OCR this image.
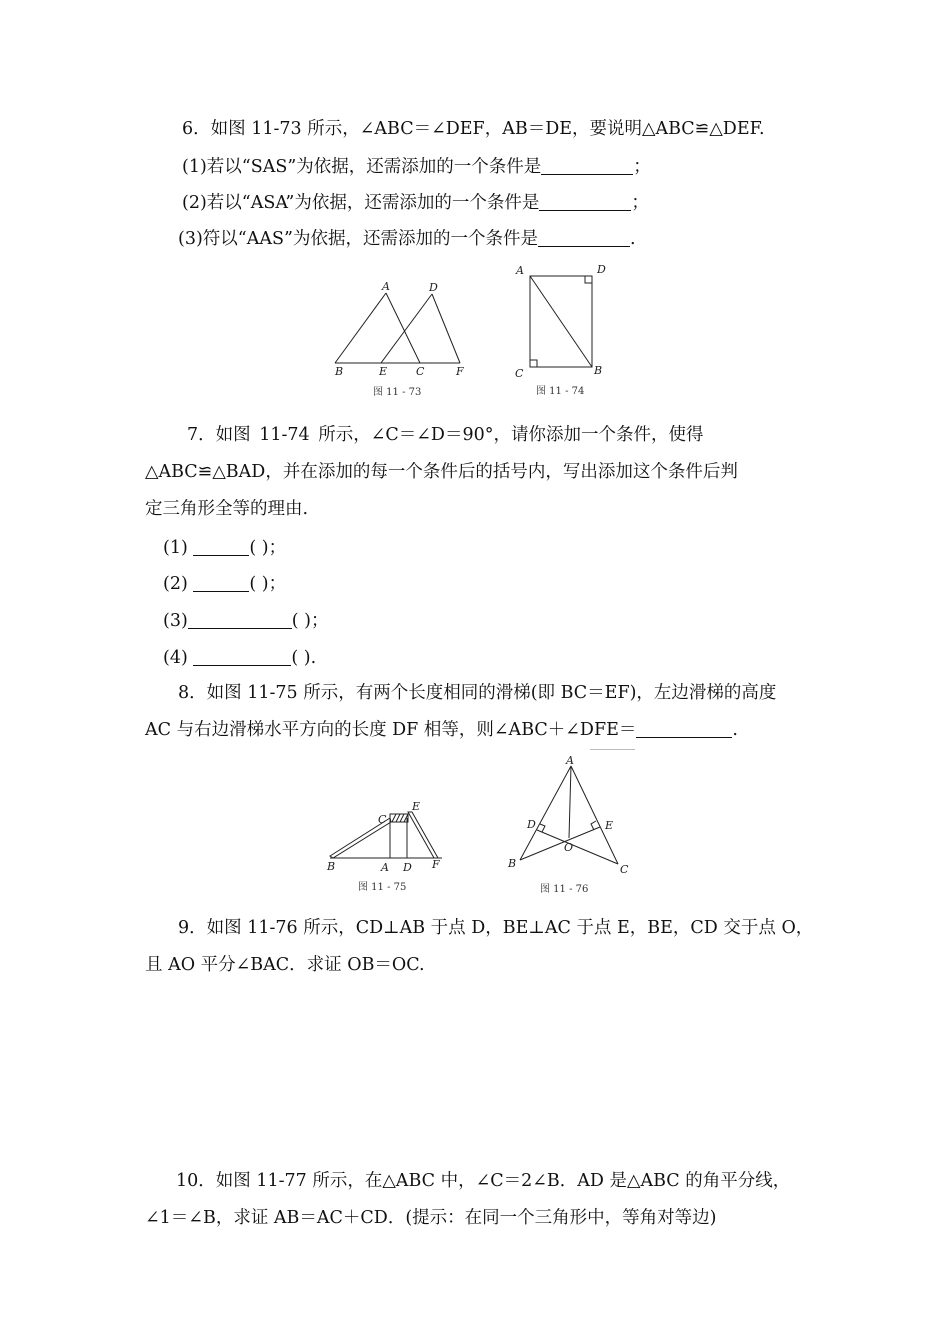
6．如图 11-73 所示，∠ABC＝∠DEF，AB＝DE，要说明△ABC≌△DEF.
(1)若以“SAS”为依据，还需添加的一个条件是	；
(2)若以“ASA”为依据，还需添加的一个条件是	；
(3)符以“AAS”为依据，还需添加的一个条件是	.
A	D
B	E	C	F
图 11 - 73
A	D
C	B
图 11 - 74
7．如图 11-74 所示，∠C＝∠D＝90°，请你添加一个条件，使得
△ABC≌△BAD，并在添加的每一个条件后的括号内，写出添加这个条件后判
定三角形全等的理由.
(1)	( )；
(2)	( )；
(3)	( )；
(4)	( ).
8．如图 11-75 所示，有两个长度相同的滑梯(即 BC＝EF)，左边滑梯的高度
AC 与右边滑梯水平方向的长度 DF 相等，则∠ABC＋∠DFE＝	.
E
C
B	A D F
图 11 - 75
A
D	E
O
B	C
图 11 - 76
9．如图 11-76 所示，CD⊥AB 于点 D，BE⊥AC 于点 E，BE，CD 交于点 O，
且 AO 平分∠BAC．求证 OB＝OC.
10．如图 11-77 所示，在△ABC 中，∠C＝2∠B．AD 是△ABC 的角平分线，
∠1＝∠B，求证 AB＝AC＋CD．(提示：在同一个三角形中，等角对等边)
